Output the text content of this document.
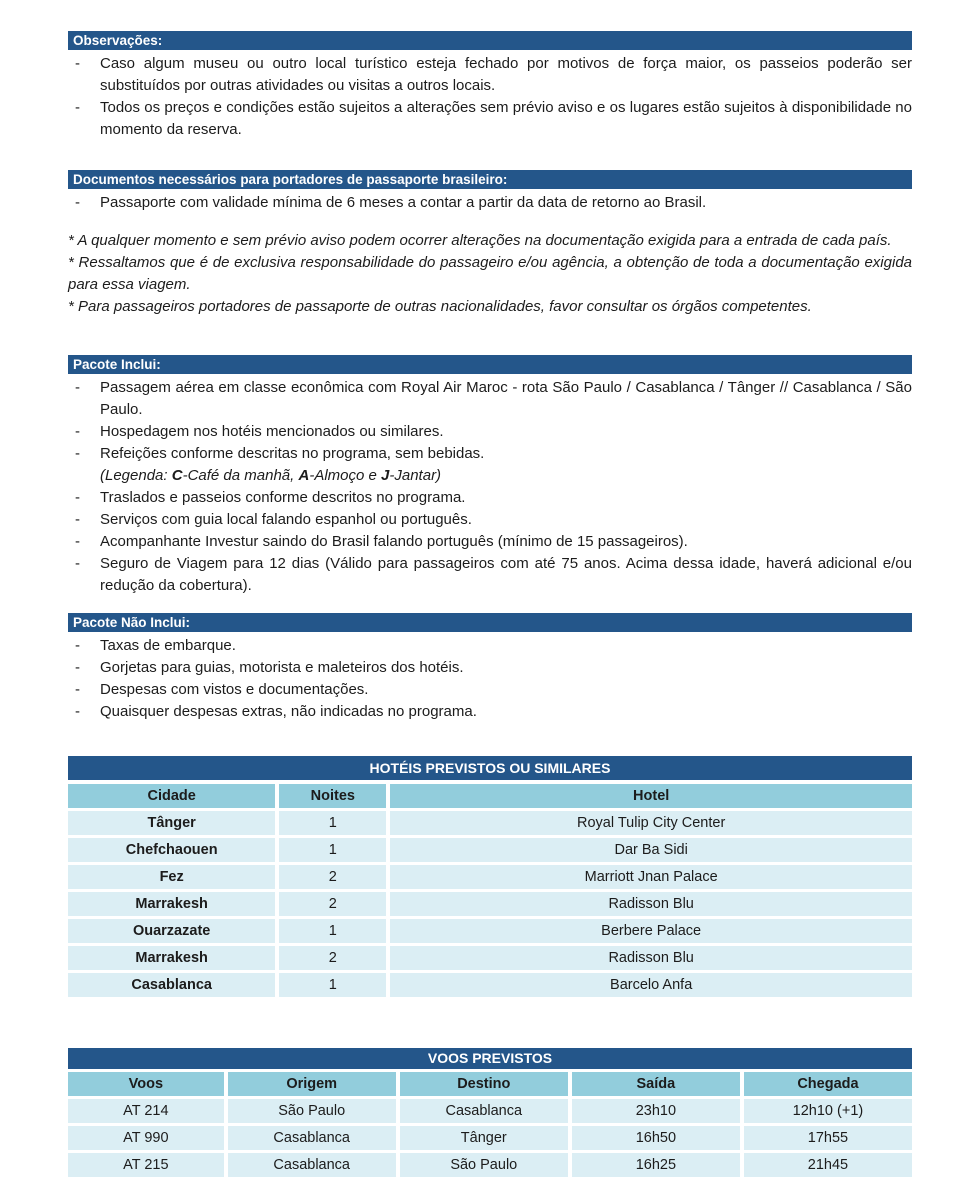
Observações:
-	Caso algum museu ou outro local turístico esteja fechado por motivos de força maior, os passeios poderão ser substituídos por outras atividades ou visitas a outros locais.
-	Todos os preços e condições estão sujeitos a alterações sem prévio aviso e os lugares estão sujeitos à disponibilidade no momento da reserva.
Documentos necessários para portadores de passaporte brasileiro:
-	Passaporte com validade mínima de 6 meses a contar a partir da data de retorno ao Brasil.
* A qualquer momento e sem prévio aviso podem ocorrer alterações na documentação exigida para a entrada de cada país.
* Ressaltamos que é de exclusiva responsabilidade do passageiro e/ou agência, a obtenção de toda a documentação exigida para essa viagem.
* Para passageiros portadores de passaporte de outras nacionalidades, favor consultar os órgãos competentes.
Pacote Inclui:
-	Passagem aérea em classe econômica com Royal Air Maroc - rota São Paulo / Casablanca / Tânger // Casablanca / São Paulo.
-	Hospedagem nos hotéis mencionados ou similares.
-	Refeições conforme descritas no programa, sem bebidas.
(Legenda: C-Café da manhã, A-Almoço e J-Jantar)
-	Traslados e passeios conforme descritos no programa.
-	Serviços com guia local falando espanhol ou português.
-	Acompanhante Investur saindo do Brasil falando português (mínimo de 15 passageiros).
-	Seguro de Viagem para 12 dias (Válido para passageiros com até 75 anos. Acima dessa idade, haverá adicional e/ou redução da cobertura).
Pacote Não Inclui:
-	Taxas de embarque.
-	Gorjetas para guias, motorista e maleteiros dos hotéis.
-	Despesas com vistos e documentações.
-	Quaisquer despesas extras, não indicadas no programa.
HOTÉIS PREVISTOS OU SIMILARES
Cidade	Noites	Hotel
Tânger	1	Royal Tulip City Center
Chefchaouen	1	Dar Ba Sidi
Fez	2	Marriott Jnan Palace
Marrakesh	2	Radisson Blu
Ouarzazate	1	Berbere Palace
Marrakesh	2	Radisson Blu
Casablanca	1	Barcelo Anfa
VOOS PREVISTOS
Voos	Origem	Destino	Saída	Chegada
AT 214	São Paulo	Casablanca	23h10	12h10 (+1)
AT 990	Casablanca	Tânger	16h50	17h55
AT 215	Casablanca	São Paulo	16h25	21h45
